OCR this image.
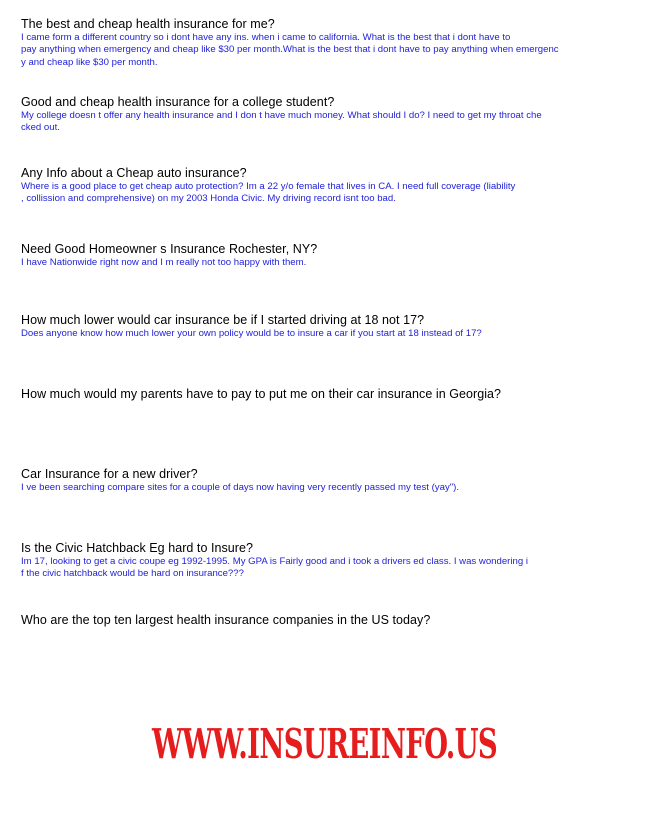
The best and cheap health insurance for me?
I came form a different country so i dont have any ins. when i came to california. What is the best that i dont have to
pay anything when emergency and cheap like $30 per month.What is the best that i dont have to pay anything when emergenc
y and cheap like $30 per month.
Good and cheap health insurance for a college student?
My college doesn t offer any health insurance and I don t have much money. What should I do? I need to get my throat che
cked out.
Any Info about a Cheap auto insurance?
Where is a good place to get cheap auto protection? Im a 22 y/o female that lives in CA. I need full coverage (liability
, collission and comprehensive) on my 2003 Honda Civic. My driving record isnt too bad.
Need Good Homeowner s Insurance Rochester, NY?
I have Nationwide right now and I m really not too happy with them.
How much lower would car insurance be if I started driving at 18 not 17?
Does anyone know how much lower your own policy would be to insure a car if you start at 18 instead of 17?
How much would my parents have to pay to put me on their car insurance in Georgia?
Car Insurance for a new driver?
I ve been searching compare sites for a couple of days now having very recently passed my test (yay").
Is the Civic Hatchback Eg hard to Insure?
Im 17, looking to get a civic coupe eg 1992-1995. My GPA is Fairly good and i took a drivers ed class. I was wondering i
f the civic hatchback would be hard on insurance???
Who are the top ten largest health insurance companies in the US today?
WWW.INSUREINFO.US
